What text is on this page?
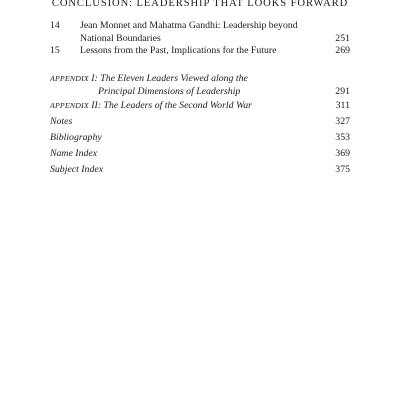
CONCLUSION: LEADERSHIP THAT LOOKS FORWARD
14 Jean Monnet and Mahatma Gandhi: Leadership beyond National Boundaries	251
15 Lessons from the Past, Implications for the Future	269
APPENDIX I: The Eleven Leaders Viewed along the
Principal Dimensions of Leadership	291
APPENDIX II: The Leaders of the Second World War	311
Notes	327
Bibliography	353
Name Index	369
Subject Index	375
